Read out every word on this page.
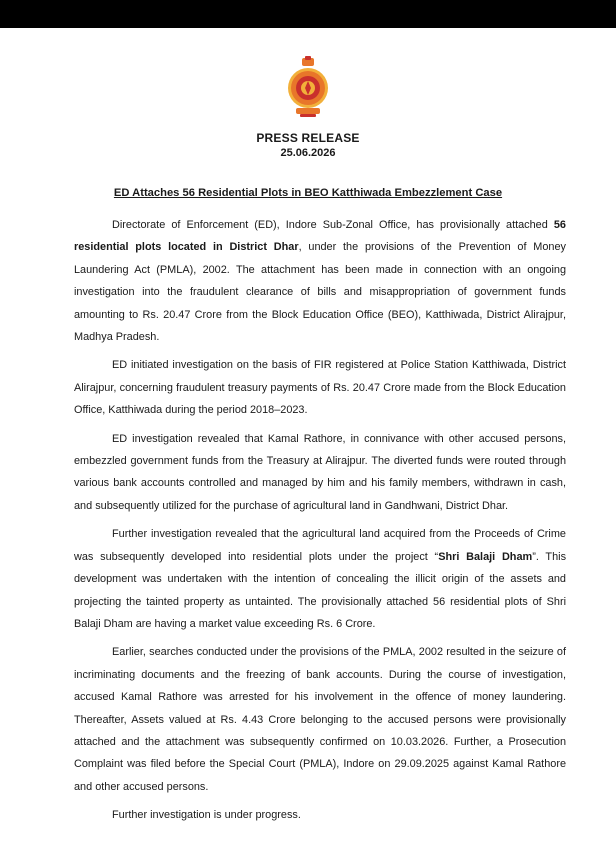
PRESS RELEASE
25.06.2026
ED Attaches 56 Residential Plots in BEO Katthiwada Embezzlement Case

Directorate of Enforcement (ED), Indore Sub-Zonal Office, has provisionally attached 56 residential plots located in District Dhar, under the provisions of the Prevention of Money Laundering Act (PMLA), 2002. The attachment has been made in connection with an ongoing investigation into the fraudulent clearance of bills and misappropriation of government funds amounting to Rs. 20.47 Crore from the Block Education Office (BEO), Katthiwada, District Alirajpur, Madhya Pradesh.

ED initiated investigation on the basis of FIR registered at Police Station Katthiwada, District Alirajpur, concerning fraudulent treasury payments of Rs. 20.47 Crore made from the Block Education Office, Katthiwada during the period 2018–2023.

ED investigation revealed that Kamal Rathore, in connivance with other accused persons, embezzled government funds from the Treasury at Alirajpur. The diverted funds were routed through various bank accounts controlled and managed by him and his family members, withdrawn in cash, and subsequently utilized for the purchase of agricultural land in Gandhwani, District Dhar.

Further investigation revealed that the agricultural land acquired from the Proceeds of Crime was subsequently developed into residential plots under the project “Shri Balaji Dham”. This development was undertaken with the intention of concealing the illicit origin of the assets and projecting the tainted property as untainted. The provisionally attached 56 residential plots of Shri Balaji Dham are having a market value exceeding Rs. 6 Crore.

Earlier, searches conducted under the provisions of the PMLA, 2002 resulted in the seizure of incriminating documents and the freezing of bank accounts. During the course of investigation, accused Kamal Rathore was arrested for his involvement in the offence of money laundering. Thereafter, Assets valued at Rs. 4.43 Crore belonging to the accused persons were provisionally attached and the attachment was subsequently confirmed on 10.03.2026. Further, a Prosecution Complaint was filed before the Special Court (PMLA), Indore on 29.09.2025 against Kamal Rathore and other accused persons.

Further investigation is under progress.
